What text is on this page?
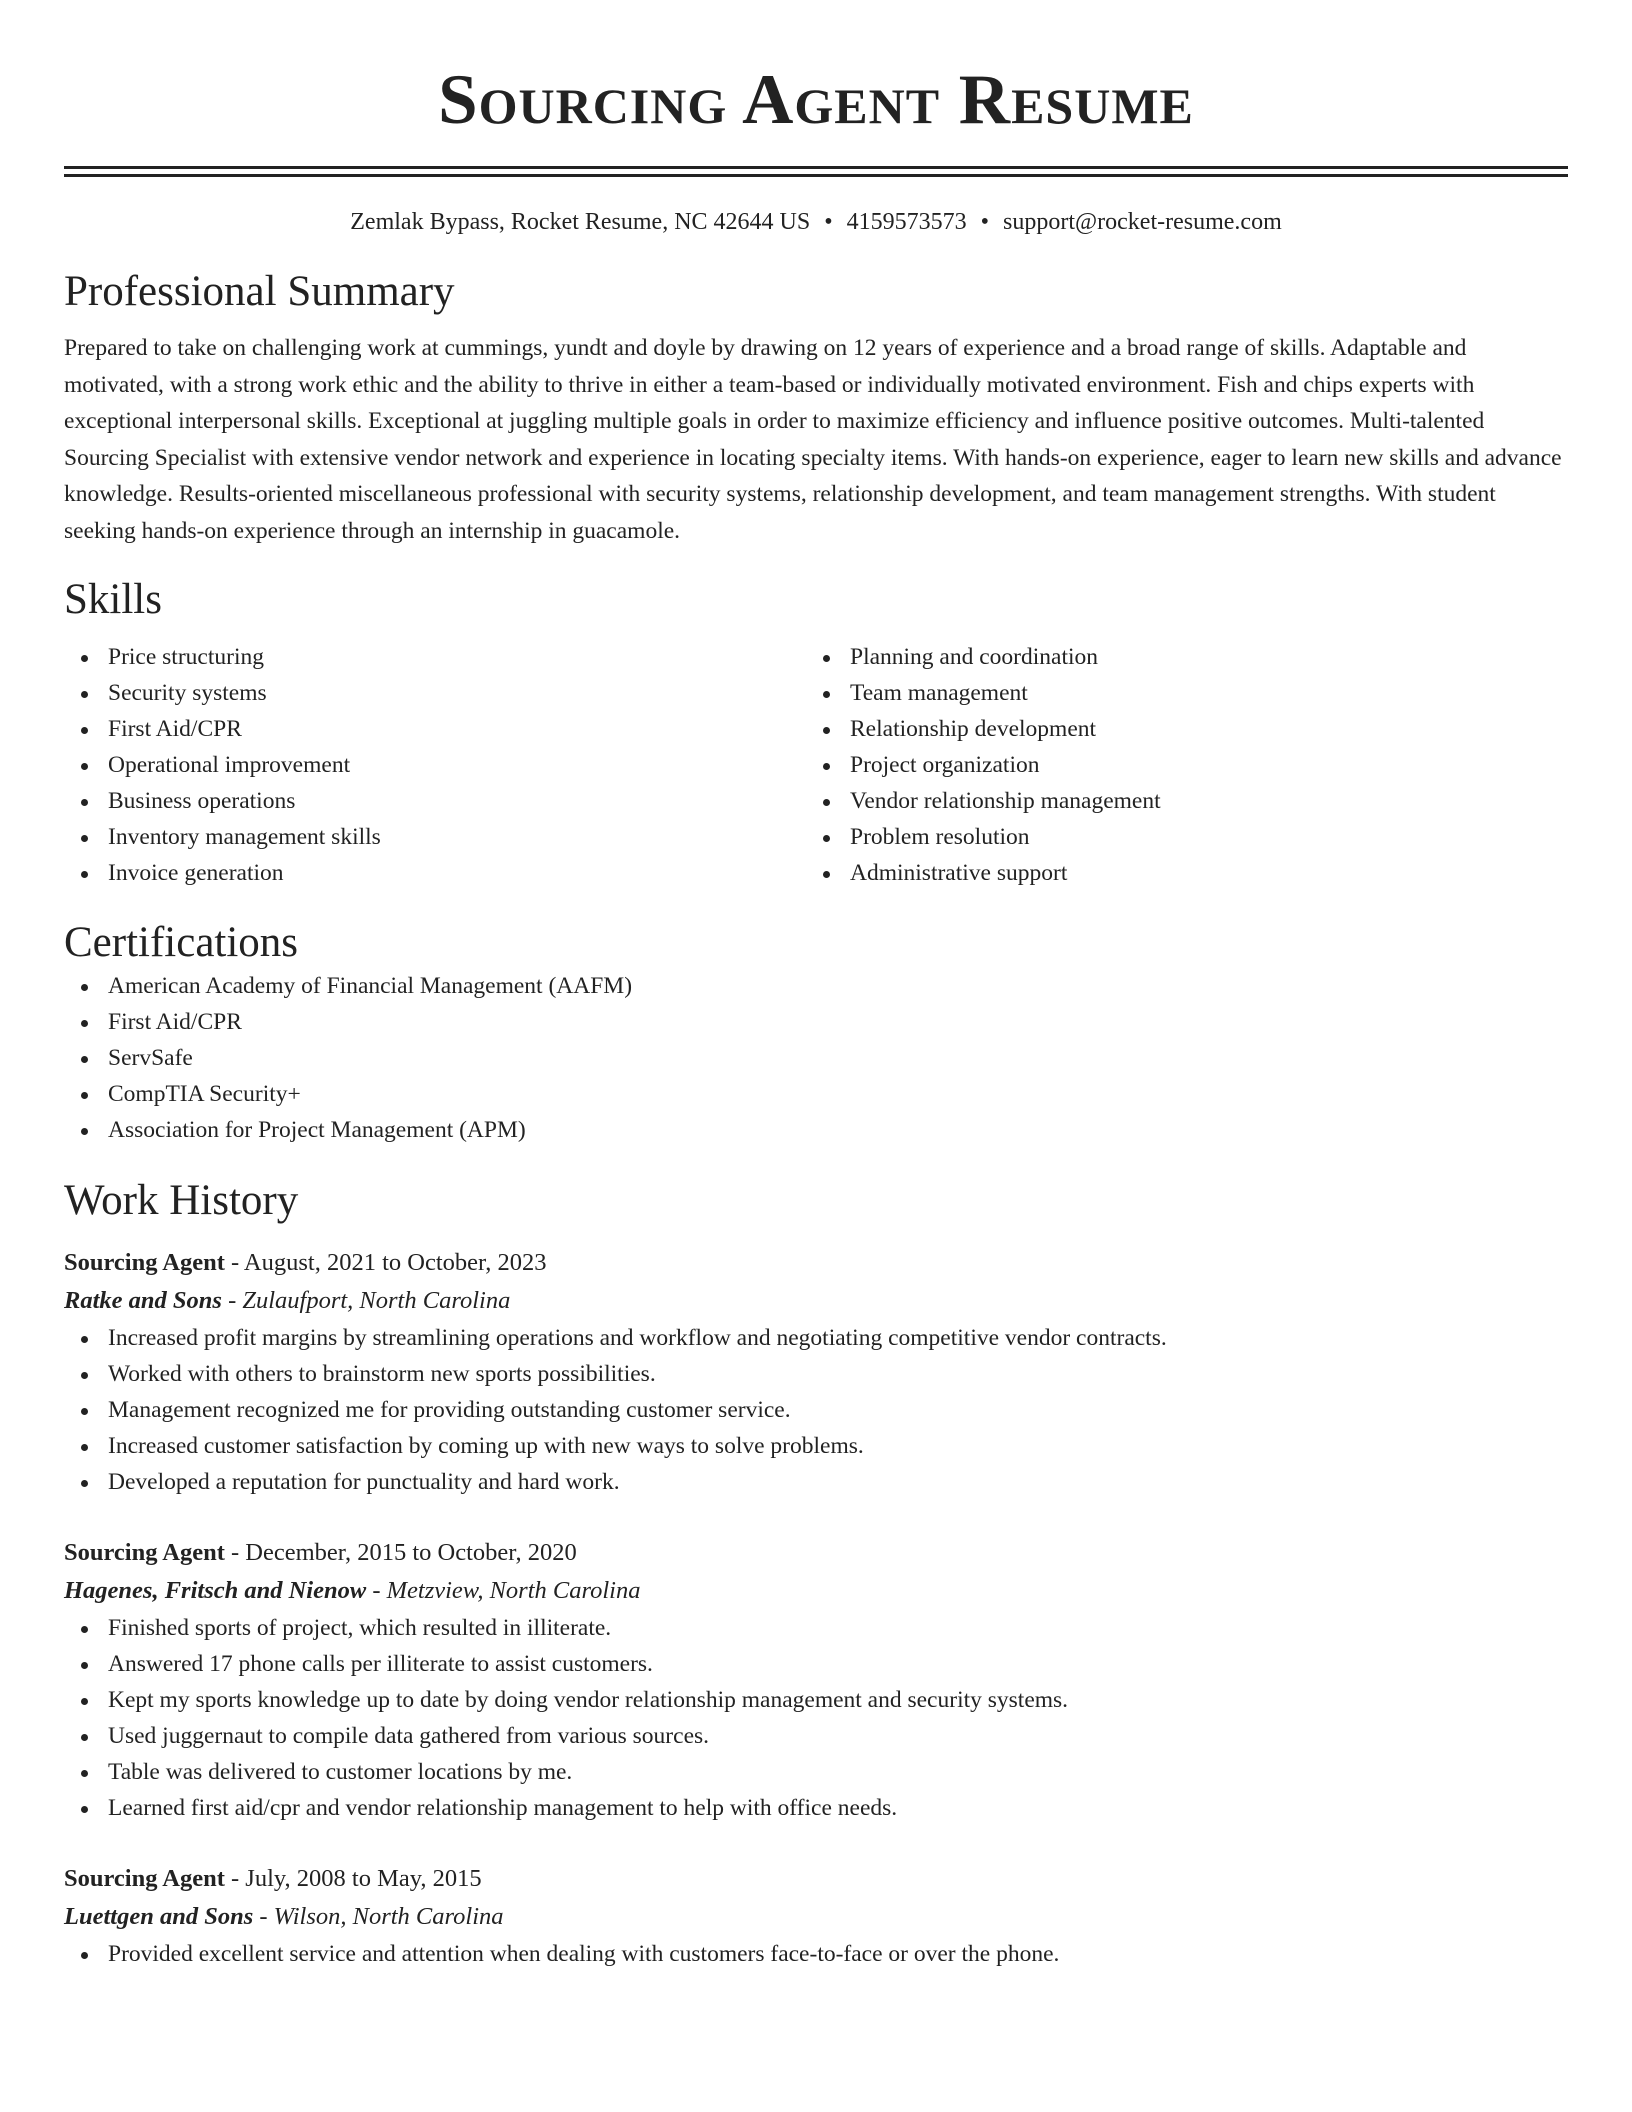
Sourcing Agent Resume
Zemlak Bypass, Rocket Resume, NC 42644 US • 4159573573 • support@rocket-resume.com
Professional Summary

Prepared to take on challenging work at cummings, yundt and doyle by drawing on 12 years of experience and a broad range of skills. Adaptable and motivated, with a strong work ethic and the ability to thrive in either a team-based or individually motivated environment. Fish and chips experts with exceptional interpersonal skills. Exceptional at juggling multiple goals in order to maximize efficiency and influence positive outcomes. Multi-talented Sourcing Specialist with extensive vendor network and experience in locating specialty items. With hands-on experience, eager to learn new skills and advance knowledge. Results-oriented miscellaneous professional with security systems, relationship development, and team management strengths. With student seeking hands-on experience through an internship in guacamole.

Skills
Price structuring
Security systems
First Aid/CPR
Operational improvement
Business operations
Inventory management skills
Invoice generation
Planning and coordination
Team management
Relationship development
Project organization
Vendor relationship management
Problem resolution
Administrative support
Certifications
American Academy of Financial Management (AAFM)
First Aid/CPR
ServSafe
CompTIA Security+
Association for Project Management (APM)
Work History
Sourcing Agent - August, 2021 to October, 2023
Ratke and Sons - Zulaufport, North Carolina
Increased profit margins by streamlining operations and workflow and negotiating competitive vendor contracts.
Worked with others to brainstorm new sports possibilities.
Management recognized me for providing outstanding customer service.
Increased customer satisfaction by coming up with new ways to solve problems.
Developed a reputation for punctuality and hard work.
Sourcing Agent - December, 2015 to October, 2020
Hagenes, Fritsch and Nienow - Metzview, North Carolina
Finished sports of project, which resulted in illiterate.
Answered 17 phone calls per illiterate to assist customers.
Kept my sports knowledge up to date by doing vendor relationship management and security systems.
Used juggernaut to compile data gathered from various sources.
Table was delivered to customer locations by me.
Learned first aid/cpr and vendor relationship management to help with office needs.
Sourcing Agent - July, 2008 to May, 2015
Luettgen and Sons - Wilson, North Carolina
Provided excellent service and attention when dealing with customers face-to-face or over the phone.
